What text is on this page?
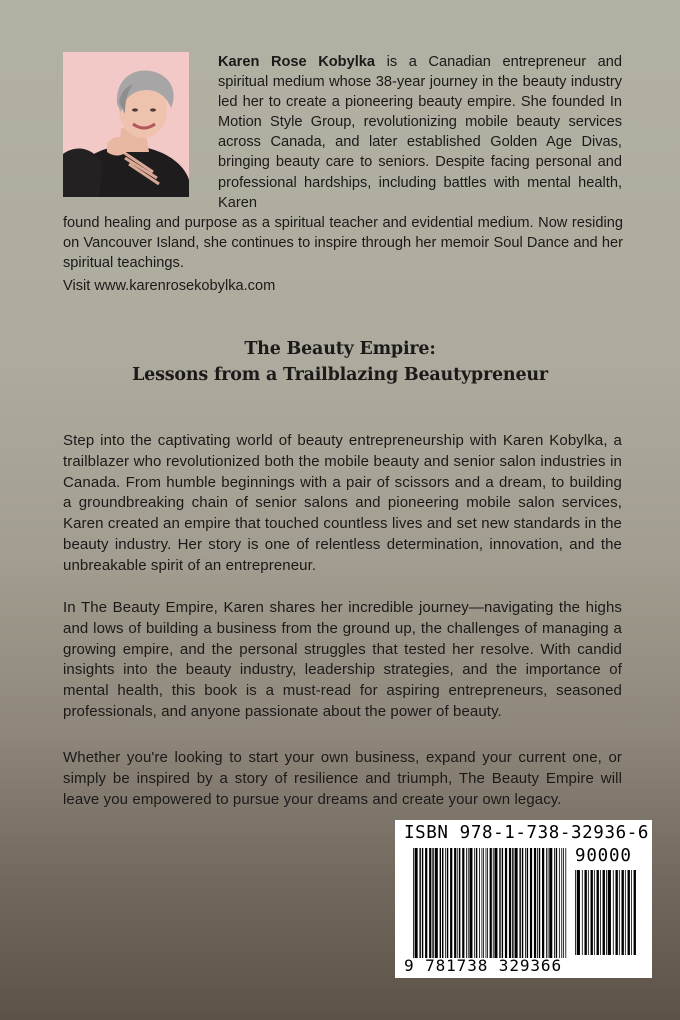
Karen Rose Kobylka is a Canadian entrepreneur and spiritual medium whose 38-year journey in the beauty industry led her to create a pioneering beauty empire. She founded In Motion Style Group, revolutionizing mobile beauty services across Canada, and later established Golden Age Divas, bringing beauty care to seniors. Despite facing personal and professional hardships, including battles with mental health, Karen

found healing and purpose as a spiritual teacher and evidential medium. Now residing on Vancouver Island, she continues to inspire through her memoir Soul Dance and her spiritual teachings.

Visit www.karenrosekobylka.com

The Beauty Empire:
Lessons from a Trailblazing Beautypreneur

Step into the captivating world of beauty entrepreneurship with Karen Kobylka, a trailblazer who revolutionized both the mobile beauty and senior salon industries in Canada. From humble beginnings with a pair of scissors and a dream, to building a groundbreaking chain of senior salons and pioneering mobile salon services, Karen created an empire that touched countless lives and set new standards in the beauty industry. Her story is one of relentless determination, innovation, and the unbreakable spirit of an entrepreneur.

In The Beauty Empire, Karen shares her incredible journey—navigating the highs and lows of building a business from the ground up, the challenges of managing a growing empire, and the personal struggles that tested her resolve. With candid insights into the beauty industry, leadership strategies, and the importance of mental health, this book is a must-read for aspiring entrepreneurs, seasoned professionals, and anyone passionate about the power of beauty.

Whether you're looking to start your own business, expand your current one, or simply be inspired by a story of resilience and triumph, The Beauty Empire will leave you empowered to pursue your dreams and create your own legacy.

ISBN 978-1-738-32936-6
90000
9 781738 329366
